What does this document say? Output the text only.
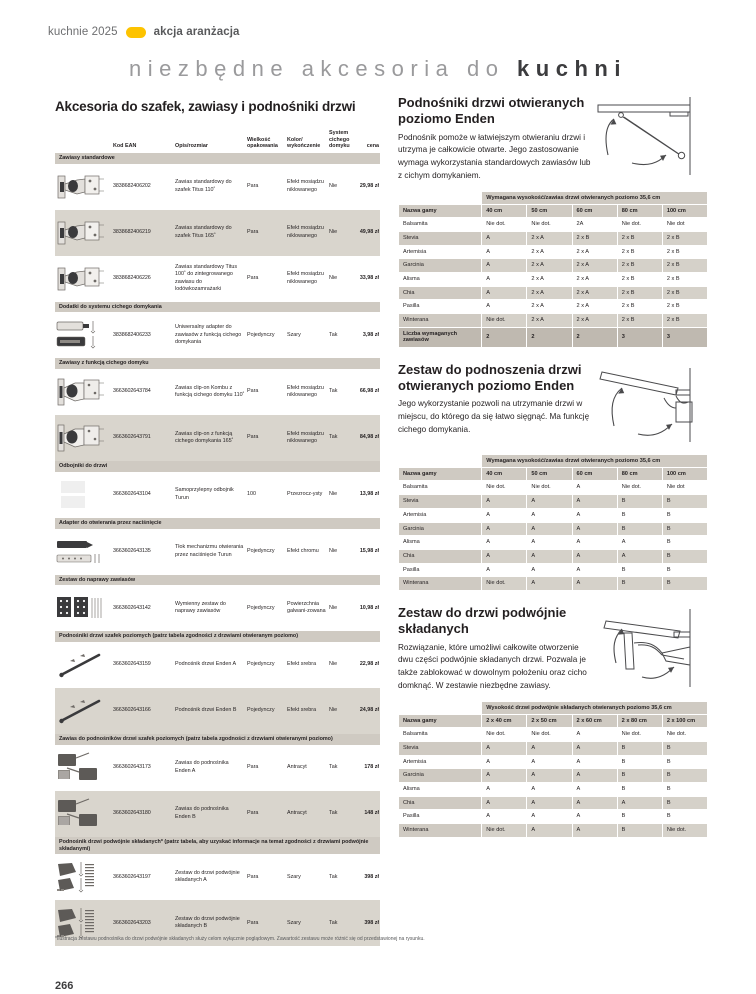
kuchnie 2025	akcja aranżacja
niezbędne akcesoria do kuchni
Akcesoria do szafek, zawiasy i podnośniki drzwi
	Kod EAN	Opis/rozmiar	Wielkość opakowania	Kolor/ wykończenie	System cichego domyku	cena
Zawiasy standardowe						

	3838682406202	Zawias standardowy do szafek Titus 110˚	Para	Efekt mosiądzu niklowanego	Nie	29,98 zł

	3838682406219	Zawias standardowy do szafek Titus 165˚	Para	Efekt mosiądzu niklowanego	Nie	49,98 zł

	3838682406226	Zawias standardowy Titus 100˚ do zintegrowanego zawiasu do lodówkozamrażarki	Para	Efekt mosiądzu niklowanego	Nie	33,98 zł
Dodatki do systemu cichego domykania						

	3838682406233	Uniwersalny adapter do zawiasów z funkcją cichego domykania	Pojedynczy	Szary	Tak	3,98 zł
Zawiasy z funkcją cichego domyku						

	3663602643784	Zawias clip-on Kombu z funkcją cichego domyku 110˚	Para	Efekt mosiądzu niklowanego	Tak	66,98 zł

	3663602643791	Zawias clip-on z funkcją cichego domykania 165˚	Para	Efekt mosiądzu niklowanego	Tak	84,98 zł
Odbojniki do drzwi						

	3663602643104	Samoprzylepny odbojnik Turun	100	Przezrocz-ysty	Nie	13,98 zł
Adapter do otwierania przez naciśnięcie						

	3663602643135	Tłok mechanizmu otwierania przez naciśnięcie Turun	Pojedynczy	Efekt chromu	Nie	15,98 zł
Zestaw do naprawy zawiasów						

	3663602643142	Wymienny zestaw do naprawy zawiasów	Pojedynczy	Powierzchnia galwani-zowana	Nie	10,98 zł
Podnośniki drzwi szafek poziomych (patrz tabela zgodności z drzwiami otwieranym poziomo)						

	3663602643159	Podnośnik drzwi Enden A	Pojedynczy	Efekt srebra	Nie	22,98 zł

	3663602643166	Podnośnik drzwi Enden B	Pojedynczy	Efekt srebra	Nie	24,98 zł
Zawias do podnośników drzwi szafek poziomych (patrz tabela zgodności z drzwiami otwieranymi poziomo)						

	3663602643173	Zawias do podnośnika Enden A	Para	Antracyt	Tak	178 zł

	3663602643180	Zawias do podnośnika Enden B	Para	Antracyt	Tak	148 zł
Podnośnik drzwi podwójnie składanych* (patrz tabela, aby uzyskać informacje na temat zgodności z drzwiami podwójnie składanymi)						

	3663602643197	Zestaw do drzwi podwójnie składanych A	Para	Szary	Tak	398 zł

	3663602643203	Zestaw do drzwi podwójnie składanych B	Para	Szary	Tak	398 zł
*Ilustracja zestawu podnośnika do drzwi podwójnie składanych służy celom wyłącznie poglądowym. Zawartość zestawu może różnić się od przedstawionej na rysunku.
266
Podnośniki drzwi otwieranych poziomo Enden

Podnośnik pomoże w łatwiejszym otwieraniu drzwi i utrzyma je całkowicie otwarte. Jego zastosowanie wymaga wykorzystania standardowych zawiasów lub z cichym domykaniem.

	Wymagana wysokość/zawias drzwi otwieranych poziomo 35,6 cm				
Nazwa gamy	40 cm	50 cm	60 cm	80 cm	100 cm
Balsamita	Nie dot.	Nie dot.	2A	Nie dot.	Nie dot
Stevia	A	2 x A	2 x B	2 x B	2 x B
Artemisia	A	2 x A	2 x A	2 x B	2 x B
Garcinia	A	2 x A	2 x A	2 x B	2 x B
Alisma	A	2 x A	2 x A	2 x B	2 x B
Chia	A	2 x A	2 x A	2 x B	2 x B
Pasilla	A	2 x A	2 x A	2 x B	2 x B
Winterana	Nie dot.	2 x A	2 x A	2 x B	2 x B
Liczba wymaganych zawiasów	2	2	2	3	3
Zestaw do podnoszenia drzwi otwieranych poziomo Enden

Jego wykorzystanie pozwoli na utrzymanie drzwi w miejscu, do którego da się łatwo sięgnąć. Ma funkcję cichego domykania.

	Wymagana wysokość/zawias drzwi otwieranych poziomo 35,6 cm				
Nazwa gamy	40 cm	50 cm	60 cm	80 cm	100 cm
Balsamita	Nie dot.	Nie dot.	A	Nie dot.	Nie dot
Stevia	A	A	A	B	B
Artemisia	A	A	A	B	B
Garcinia	A	A	A	B	B
Alisma	A	A	A	A	B
Chia	A	A	A	A	B
Pasilla	A	A	A	B	B
Winterana	Nie dot.	A	A	B	B
Zestaw do drzwi podwójnie składanych

Rozwiązanie, które umożliwi całkowite otworzenie dwu części podwójnie składanych drzwi. Pozwala je także zablokować w dowolnym położeniu oraz cicho domknąć. W zestawie niezbędne zawiasy.

	Wysokość drzwi podwójnie składanych otwieranych poziomo 35,6 cm				
Nazwa gamy	2 x 40 cm	2 x 50 cm	2 x 60 cm	2 x 80 cm	2 x 100 cm
Balsamita	Nie dot.	Nie dot.	A	Nie dot.	Nie dot.
Stevia	A	A	A	B	B
Artemisia	A	A	A	B	B
Garcinia	A	A	A	B	B
Alisma	A	A	A	B	B
Chia	A	A	A	A	B
Pasilla	A	A	A	B	B
Winterana	Nie dot.	A	A	B	Nie dot.
